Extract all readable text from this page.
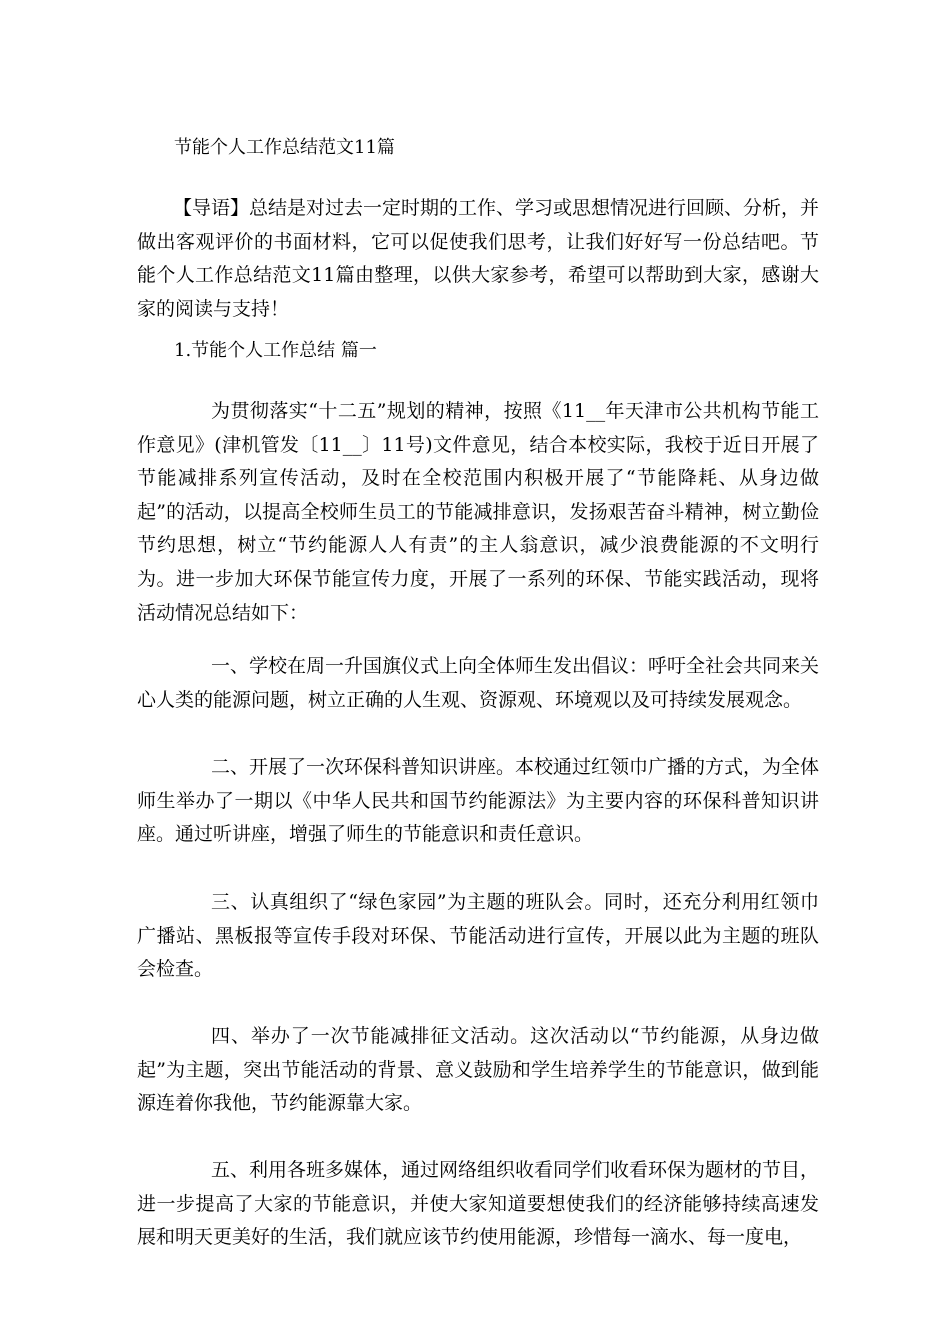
节能个人工作总结范文11篇

【导语】总结是对过去一定时期的工作、学习或思想情况进行回顾、分析，并做出客观评价的书面材料，它可以促使我们思考，让我们好好写一份总结吧。节能个人工作总结范文11篇由整理，以供大家参考，希望可以帮助到大家，感谢大家的阅读与支持！

1.节能个人工作总结 篇一

为贯彻落实“十二五”规划的精神，按照《11__年天津市公共机构节能工作意见》(津机管发〔11__〕11号)文件意见，结合本校实际，我校于近日开展了节能减排系列宣传活动，及时在全校范围内积极开展了“节能降耗、从身边做起”的活动，以提高全校师生员工的节能减排意识，发扬艰苦奋斗精神，树立勤俭节约思想，树立“节约能源人人有责”的主人翁意识，减少浪费能源的不文明行为。进一步加大环保节能宣传力度，开展了一系列的环保、节能实践活动，现将活动情况总结如下：

一、学校在周一升国旗仪式上向全体师生发出倡议：呼吁全社会共同来关心人类的能源问题，树立正确的人生观、资源观、环境观以及可持续发展观念。

二、开展了一次环保科普知识讲座。本校通过红领巾广播的方式，为全体师生举办了一期以《中华人民共和国节约能源法》为主要内容的环保科普知识讲座。通过听讲座，增强了师生的节能意识和责任意识。

三、认真组织了“绿色家园”为主题的班队会。同时，还充分利用红领巾广播站、黑板报等宣传手段对环保、节能活动进行宣传，开展以此为主题的班队会检查。

四、举办了一次节能减排征文活动。这次活动以“节约能源，从身边做起”为主题，突出节能活动的背景、意义鼓励和学生培养学生的节能意识，做到能源连着你我他，节约能源靠大家。

五、利用各班多媒体，通过网络组织收看同学们收看环保为题材的节目，进一步提高了大家的节能意识，并使大家知道要想使我们的经济能够持续高速发展和明天更美好的生活，我们就应该节约使用能源，珍惜每一滴水、每一度电，
